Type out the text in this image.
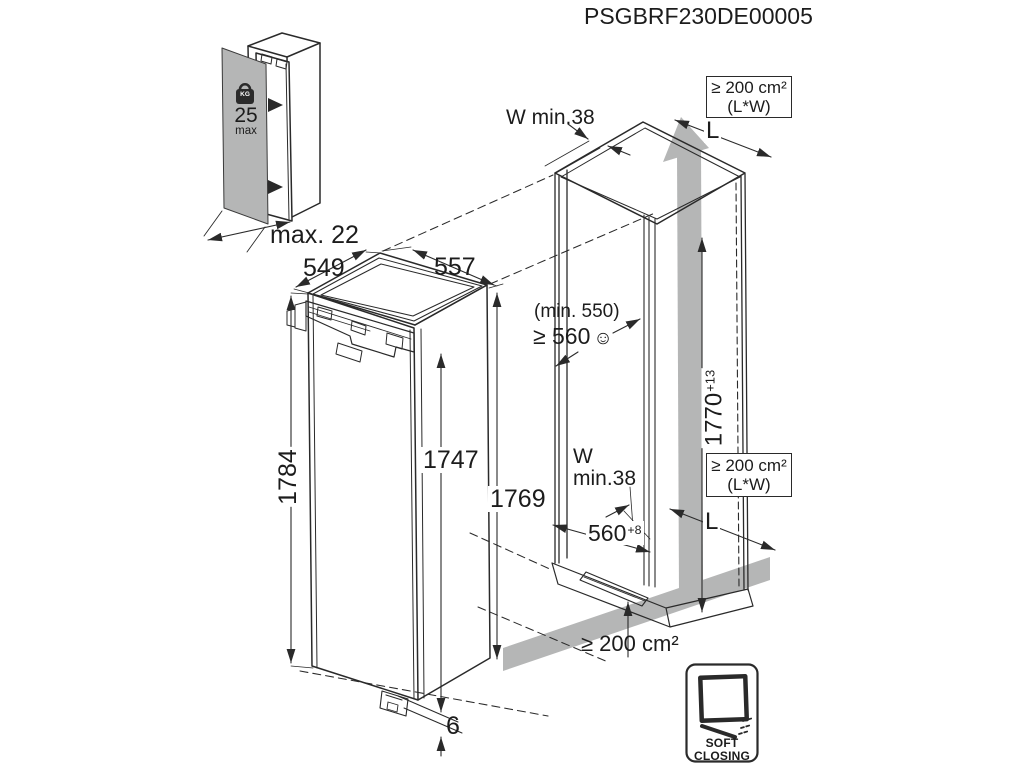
PSGBRF230DE00005
KG
25
max
max. 22
549	557
1784	1747
1769
6
W min.38
≥ 200 cm²
(L*W)
L
(min. 550)
≥ 560 ☺
$1770^{+13}$
≥ 200 cm²
(L*W)
W
min.38
$560^{+8}$	L
≥ 200 cm²
SOFT
CLOSING
